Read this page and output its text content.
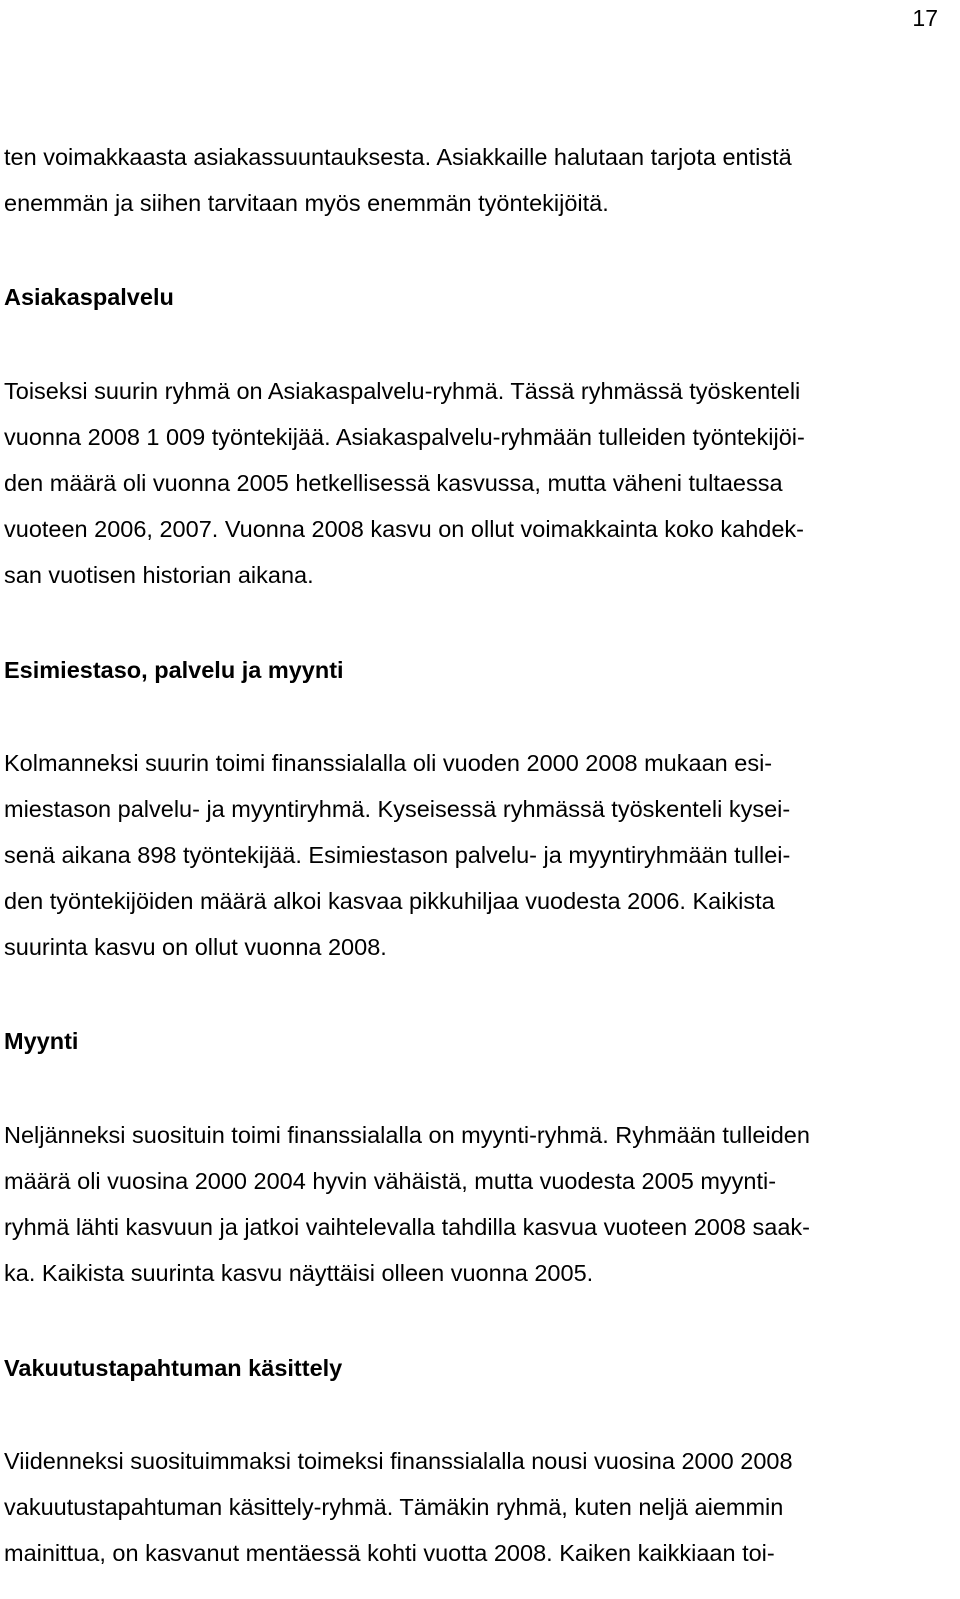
17
ten voimakkaasta asiakassuuntauksesta. Asiakkaille halutaan tarjota entistä
enemmän ja siihen tarvitaan myös enemmän työntekijöitä.
Asiakaspalvelu
Toiseksi suurin ryhmä on Asiakaspalvelu-ryhmä. Tässä ryhmässä työskenteli
vuonna 2008 1 009 työntekijää. Asiakaspalvelu-ryhmään tulleiden työntekijöi-
den määrä oli vuonna 2005 hetkellisessä kasvussa, mutta väheni tultaessa
vuoteen 2006, 2007. Vuonna 2008 kasvu on ollut voimakkainta koko kahdek-
san vuotisen historian aikana.
Esimiestaso, palvelu ja myynti
Kolmanneksi suurin toimi finanssialalla oli vuoden 2000 2008 mukaan esi-
miestason palvelu- ja myyntiryhmä. Kyseisessä ryhmässä työskenteli kysei-
senä aikana 898 työntekijää. Esimiestason palvelu- ja myyntiryhmään tullei-
den työntekijöiden määrä alkoi kasvaa pikkuhiljaa vuodesta 2006. Kaikista
suurinta kasvu on ollut vuonna 2008.
Myynti
Neljänneksi suosituin toimi finanssialalla on myynti-ryhmä. Ryhmään tulleiden
määrä oli vuosina 2000 2004 hyvin vähäistä, mutta vuodesta 2005 myynti-
ryhmä lähti kasvuun ja jatkoi vaihtelevalla tahdilla kasvua vuoteen 2008 saak-
ka. Kaikista suurinta kasvu näyttäisi olleen vuonna 2005.
Vakuutustapahtuman käsittely
Viidenneksi suosituimmaksi toimeksi finanssialalla nousi vuosina 2000 2008
vakuutustapahtuman käsittely-ryhmä. Tämäkin ryhmä, kuten neljä aiemmin
mainittua, on kasvanut mentäessä kohti vuotta 2008. Kaiken kaikkiaan toi-
